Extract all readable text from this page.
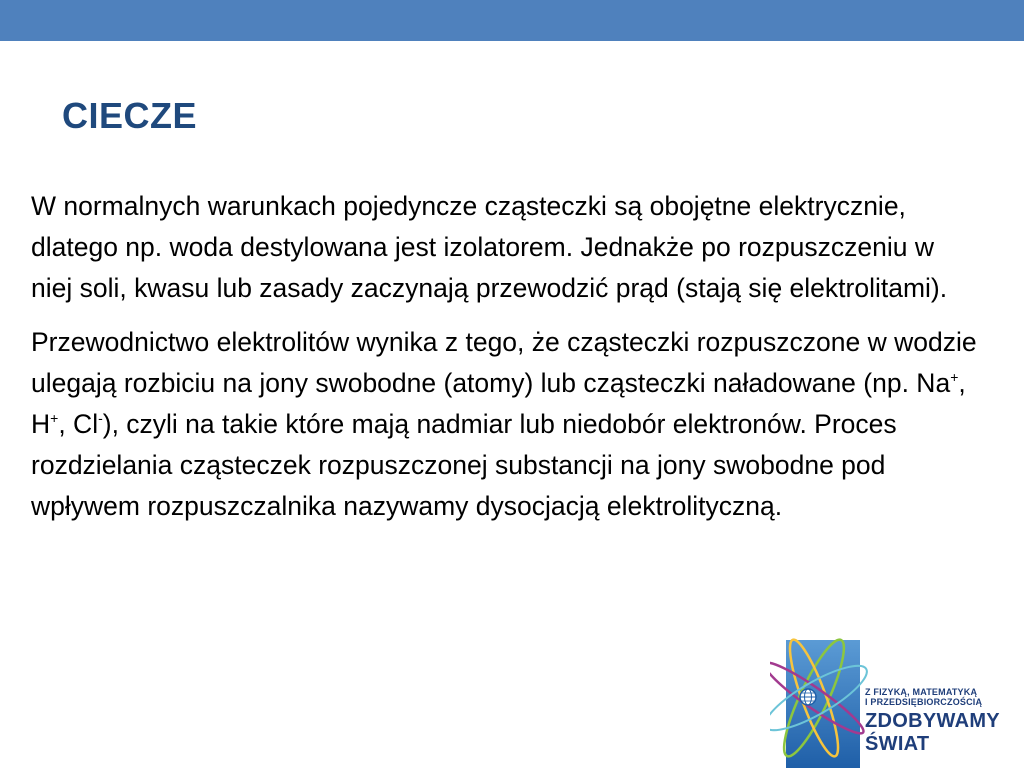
CIECZE

W normalnych warunkach pojedyncze cząsteczki są obojętne elektrycznie, dlatego np. woda destylowana jest izolatorem. Jednakże po rozpuszczeniu w niej soli, kwasu lub zasady zaczynają przewodzić prąd (stają się elektrolitami).

Przewodnictwo elektrolitów wynika z tego, że cząsteczki rozpuszczone w wodzie ulegają rozbiciu na jony swobodne (atomy) lub cząsteczki naładowane (np. Na+, H+, Cl-), czyli na takie które mają nadmiar lub niedobór elektronów. Proces rozdzielania cząsteczek rozpuszczonej substancji na jony swobodne pod wpływem rozpuszczalnika nazywamy dysocjacją elektrolityczną.

Z FIZYKĄ, MATEMATYKĄ
I PRZEDSIĘBIORCZOŚCIĄ
ZDOBYWAMY
ŚWIAT
